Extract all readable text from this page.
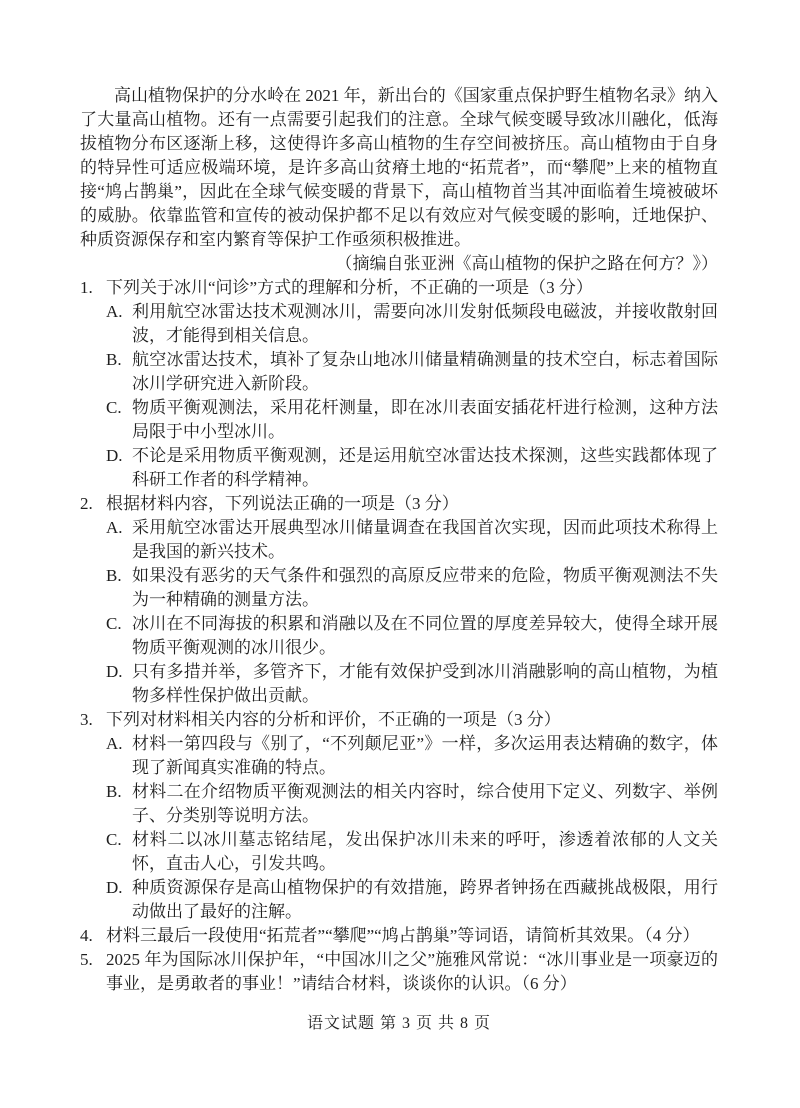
高山植物保护的分水岭在 2021 年，新出台的《国家重点保护野生植物名录》纳入了大量高山植物。还有一点需要引起我们的注意。全球气候变暖导致冰川融化，低海拔植物分布区逐渐上移，这使得许多高山植物的生存空间被挤压。高山植物由于自身的特异性可适应极端环境，是许多高山贫瘠土地的“拓荒者”，而“攀爬”上来的植物直接“鸠占鹊巢”，因此在全球气候变暖的背景下，高山植物首当其冲面临着生境被破坏的威胁。依靠监管和宣传的被动保护都不足以有效应对气候变暖的影响，迁地保护、种质资源保存和室内繁育等保护工作亟须积极推进。
（摘编自张亚洲《高山植物的保护之路在何方？》）
1. 下列关于冰川“问诊”方式的理解和分析，不正确的一项是（3 分）
A. 利用航空冰雷达技术观测冰川，需要向冰川发射低频段电磁波，并接收散射回波，才能得到相关信息。
B. 航空冰雷达技术，填补了复杂山地冰川储量精确测量的技术空白，标志着国际冰川学研究进入新阶段。
C. 物质平衡观测法，采用花杆测量，即在冰川表面安插花杆进行检测，这种方法局限于中小型冰川。
D. 不论是采用物质平衡观测，还是运用航空冰雷达技术探测，这些实践都体现了科研工作者的科学精神。
2. 根据材料内容，下列说法正确的一项是（3 分）
A. 采用航空冰雷达开展典型冰川储量调查在我国首次实现，因而此项技术称得上是我国的新兴技术。
B. 如果没有恶劣的天气条件和强烈的高原反应带来的危险，物质平衡观测法不失为一种精确的测量方法。
C. 冰川在不同海拔的积累和消融以及在不同位置的厚度差异较大，使得全球开展物质平衡观测的冰川很少。
D. 只有多措并举，多管齐下，才能有效保护受到冰川消融影响的高山植物，为植物多样性保护做出贡献。
3. 下列对材料相关内容的分析和评价，不正确的一项是（3 分）
A. 材料一第四段与《别了，“不列颠尼亚”》一样，多次运用表达精确的数字，体现了新闻真实准确的特点。
B. 材料二在介绍物质平衡观测法的相关内容时，综合使用下定义、列数字、举例子、分类别等说明方法。
C. 材料二以冰川墓志铭结尾，发出保护冰川未来的呼吁，渗透着浓郁的人文关怀，直击人心，引发共鸣。
D. 种质资源保存是高山植物保护的有效措施，跨界者钟扬在西藏挑战极限，用行动做出了最好的注解。
4. 材料三最后一段使用“拓荒者”“攀爬”“鸠占鹊巢”等词语，请简析其效果。（4 分）
5. 2025 年为国际冰川保护年，“中国冰川之父”施雅风常说：“冰川事业是一项豪迈的事业，是勇敢者的事业！”请结合材料，谈谈你的认识。（6 分）
语文试题 第 3 页 共 8 页
